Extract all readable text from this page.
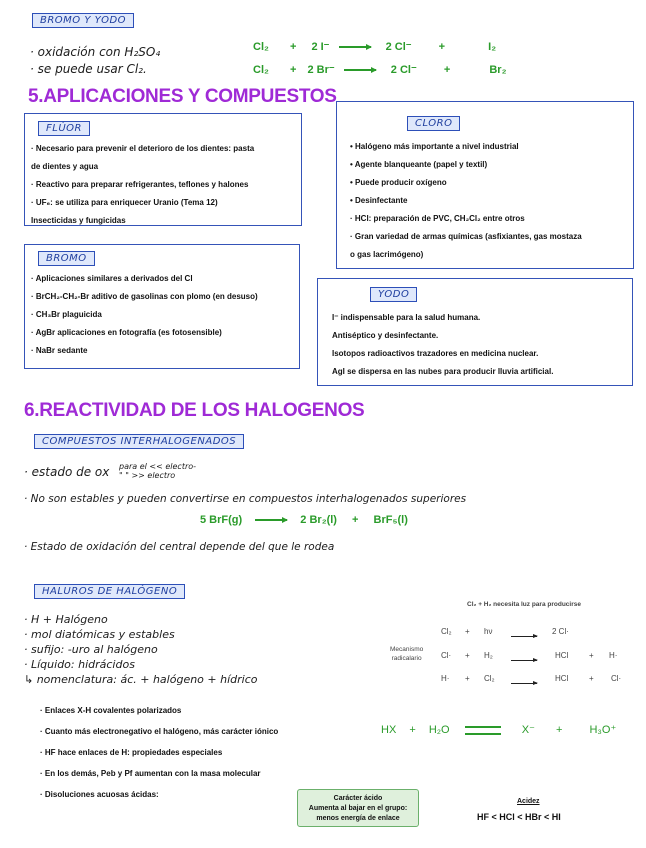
BROMO Y YODO
· oxidación con H₂SO₄
· se puede usar Cl₂.
Cl₂ + 2 I⁻ → 2 Cl⁻ +	I₂
Cl₂ + 2 Br⁻ → 2 Cl⁻ +	Br₂
5.APLICACIONES Y COMPUESTOS
FLÚOR
· Necesario para prevenir el deterioro de los dientes: pasta
de dientes y agua
· Reactivo para preparar refrigerantes, teflones y halones
· UF₆: se utiliza para enriquecer Uranio (Tema 12)
Insecticidas y fungicidas
CLORO
• Halógeno más importante a nivel industrial
• Agente blanqueante (papel y textil)
• Puede producir oxígeno
• Desinfectante
· HCl: preparación de PVC, CH₂Cl₂ entre otros
· Gran variedad de armas químicas (asfixiantes, gas mostaza
o gas lacrimógeno)
BROMO
· Aplicaciones similares a derivados del Cl
· BrCH₂-CH₂-Br aditivo de gasolinas con plomo (en desuso)
· CH₃Br plaguicida
· AgBr aplicaciones en fotografía (es fotosensible)
· NaBr sedante
YODO
I⁻ indispensable para la salud humana.
Antiséptico y desinfectante.
Isotopos radioactivos trazadores en medicina nuclear.
AgI se dispersa en las nubes para producir lluvia artificial.
6.REACTIVIDAD DE LOS HALOGENOS
COMPUESTOS INTERHALOGENADOS
· estado de ox para el << electro-
" " >> electro
· No son estables y pueden convertirse en compuestos interhalogenados superiores
5 BrF(g) → 2 Br₂(l) + BrF₅(l)
· Estado de oxidación del central depende del que le rodea
HALUROS DE HALÓGENO
· H + Halógeno
· mol diatómicas y estables
· sufijo: -uro al halógeno
· Líquido: hidrácidos
↳ nomenclatura: ác. + halógeno + hídrico
Cl₂ + H₂ necesita luz para producirse
Mecanismo
radicalario
Cl₂ + hν	2 Cl·
Cl· + H₂	HCl	+ H·
H· + Cl₂	HCl	+ Cl·
· Enlaces X-H covalentes polarizados
· Cuanto más electronegativo el halógeno, más carácter iónico
· HF hace enlaces de H: propiedades especiales
· En los demás, Peb y Pf aumentan con la masa molecular
· Disoluciones acuosas ácidas:
HX + H₂O	X⁻ + H₃O⁺
Carácter ácido
Aumenta al bajar en el grupo:
menos energía de enlace
Acidez
HF < HCl < HBr < HI
